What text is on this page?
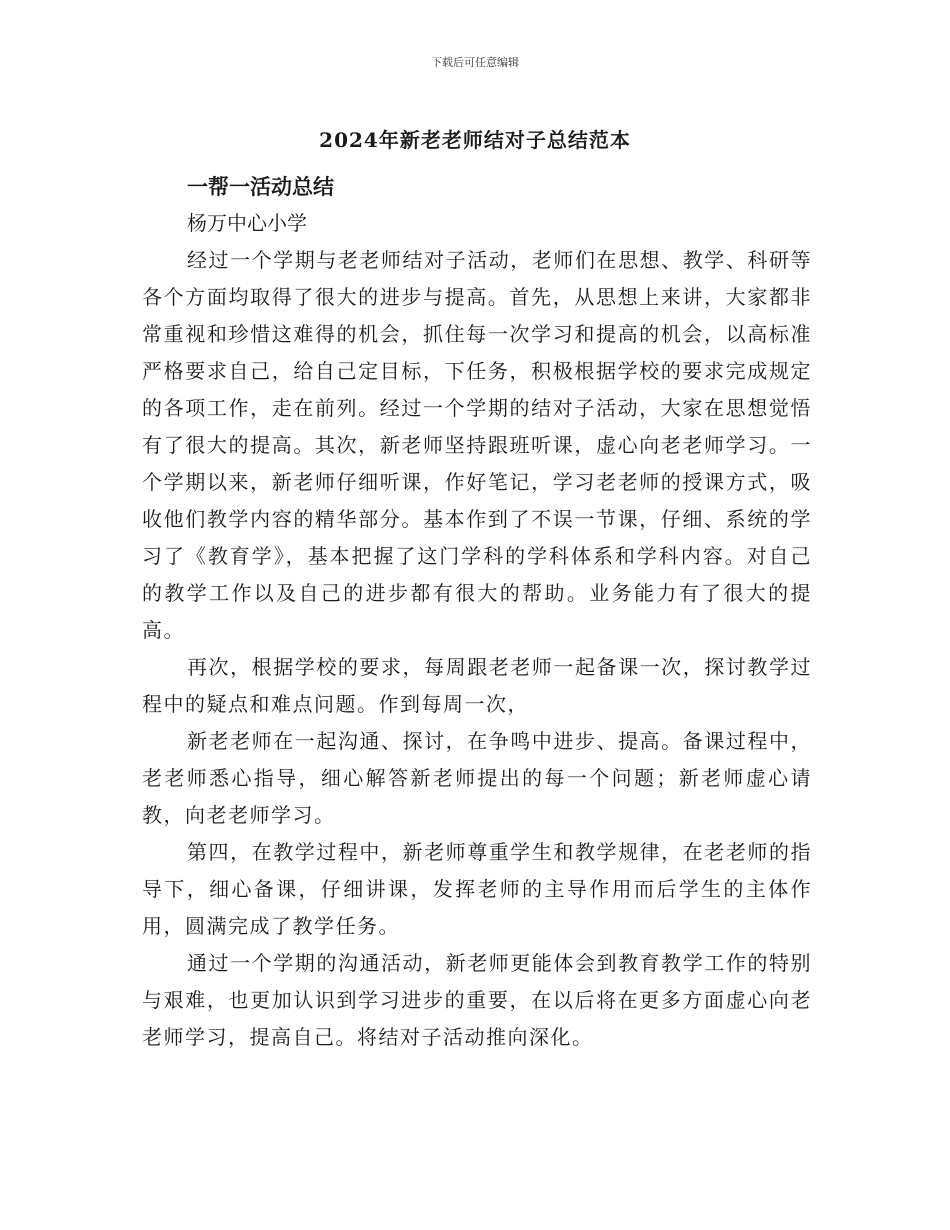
下载后可任意编辑
2024年新老老师结对子总结范本
一帮一活动总结
杨万中心小学

经过一个学期与老老师结对子活动，老师们在思想、教学、科研等各个方面均取得了很大的进步与提高。首先，从思想上来讲，大家都非常重视和珍惜这难得的机会，抓住每一次学习和提高的机会，以高标准严格要求自己，给自己定目标，下任务，积极根据学校的要求完成规定的各项工作，走在前列。经过一个学期的结对子活动，大家在思想觉悟有了很大的提高。其次，新老师坚持跟班听课，虚心向老老师学习。一个学期以来，新老师仔细听课，作好笔记，学习老老师的授课方式，吸收他们教学内容的精华部分。基本作到了不误一节课，仔细、系统的学习了《教育学》，基本把握了这门学科的学科体系和学科内容。对自己的教学工作以及自己的进步都有很大的帮助。业务能力有了很大的提高。

再次，根据学校的要求，每周跟老老师一起备课一次，探讨教学过程中的疑点和难点问题。作到每周一次，

新老老师在一起沟通、探讨，在争鸣中进步、提高。备课过程中，老老师悉心指导，细心解答新老师提出的每一个问题；新老师虚心请教，向老老师学习。

第四，在教学过程中，新老师尊重学生和教学规律，在老老师的指导下，细心备课，仔细讲课，发挥老师的主导作用而后学生的主体作用，圆满完成了教学任务。

通过一个学期的沟通活动，新老师更能体会到教育教学工作的特别与艰难，也更加认识到学习进步的重要，在以后将在更多方面虚心向老老师学习，提高自己。将结对子活动推向深化。
